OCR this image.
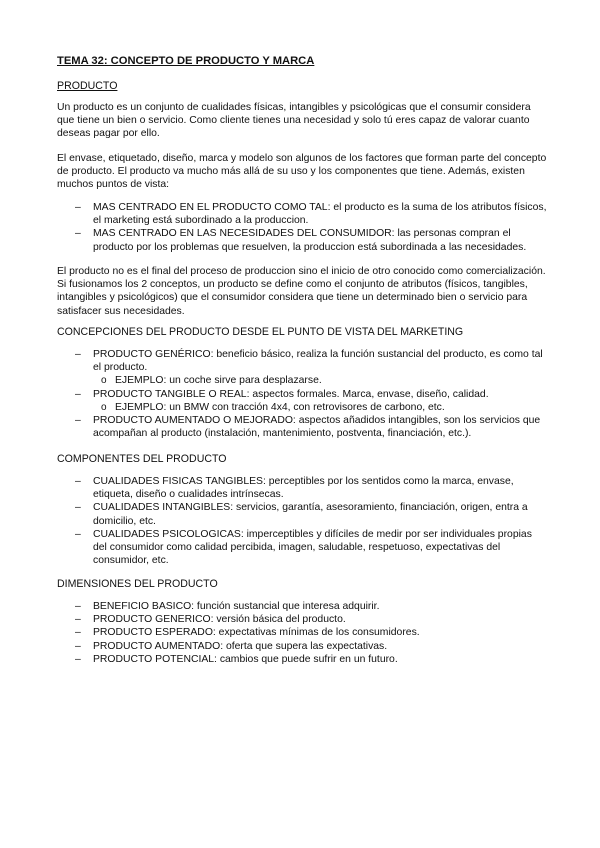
TEMA 32: CONCEPTO DE PRODUCTO Y MARCA
PRODUCTO
Un producto es un conjunto de cualidades físicas, intangibles y psicológicas que el consumir considera que tiene un bien o servicio. Como cliente tienes una necesidad y solo tú eres capaz de valorar cuanto deseas pagar por ello.
El envase, etiquetado, diseño, marca y modelo son algunos de los factores que forman parte del concepto de producto. El producto va mucho más allá de su uso y los componentes que tiene. Además, existen muchos puntos de vista:
– MAS CENTRADO EN EL PRODUCTO COMO TAL: el producto es la suma de los atributos físicos, el marketing está subordinado a la produccion.
– MAS CENTRADO EN LAS NECESIDADES DEL CONSUMIDOR: las personas compran el producto por los problemas que resuelven, la produccion está subordinada a las necesidades.
El producto no es el final del proceso de produccion sino el inicio de otro conocido como comercialización. Si fusionamos los 2 conceptos, un producto se define como el conjunto de atributos (físicos, tangibles, intangibles y psicológicos) que el consumidor considera que tiene un determinado bien o servicio para satisfacer sus necesidades.
CONCEPCIONES DEL PRODUCTO DESDE EL PUNTO DE VISTA DEL MARKETING
– PRODUCTO GENÉRICO: beneficio básico, realiza la función sustancial del producto, es como tal el producto.
o EJEMPLO: un coche sirve para desplazarse.
– PRODUCTO TANGIBLE O REAL: aspectos formales. Marca, envase, diseño, calidad.
o EJEMPLO: un BMW con tracción 4x4, con retrovisores de carbono, etc.
– PRODUCTO AUMENTADO O MEJORADO: aspectos añadidos intangibles, son los servicios que acompañan al producto (instalación, mantenimiento, postventa, financiación, etc.).
COMPONENTES DEL PRODUCTO
– CUALIDADES FISICAS TANGIBLES: perceptibles por los sentidos como la marca, envase, etiqueta, diseño o cualidades intrínsecas.
– CUALIDADES INTANGIBLES: servicios, garantía, asesoramiento, financiación, origen, entra a domicilio, etc.
– CUALIDADES PSICOLOGICAS: imperceptibles y difíciles de medir por ser individuales propias del consumidor como calidad percibida, imagen, saludable, respetuoso, expectativas del consumidor, etc.
DIMENSIONES DEL PRODUCTO
– BENEFICIO BASICO: función sustancial que interesa adquirir.
– PRODUCTO GENERICO: versión básica del producto.
– PRODUCTO ESPERADO: expectativas mínimas de los consumidores.
– PRODUCTO AUMENTADO: oferta que supera las expectativas.
– PRODUCTO POTENCIAL: cambios que puede sufrir en un futuro.
